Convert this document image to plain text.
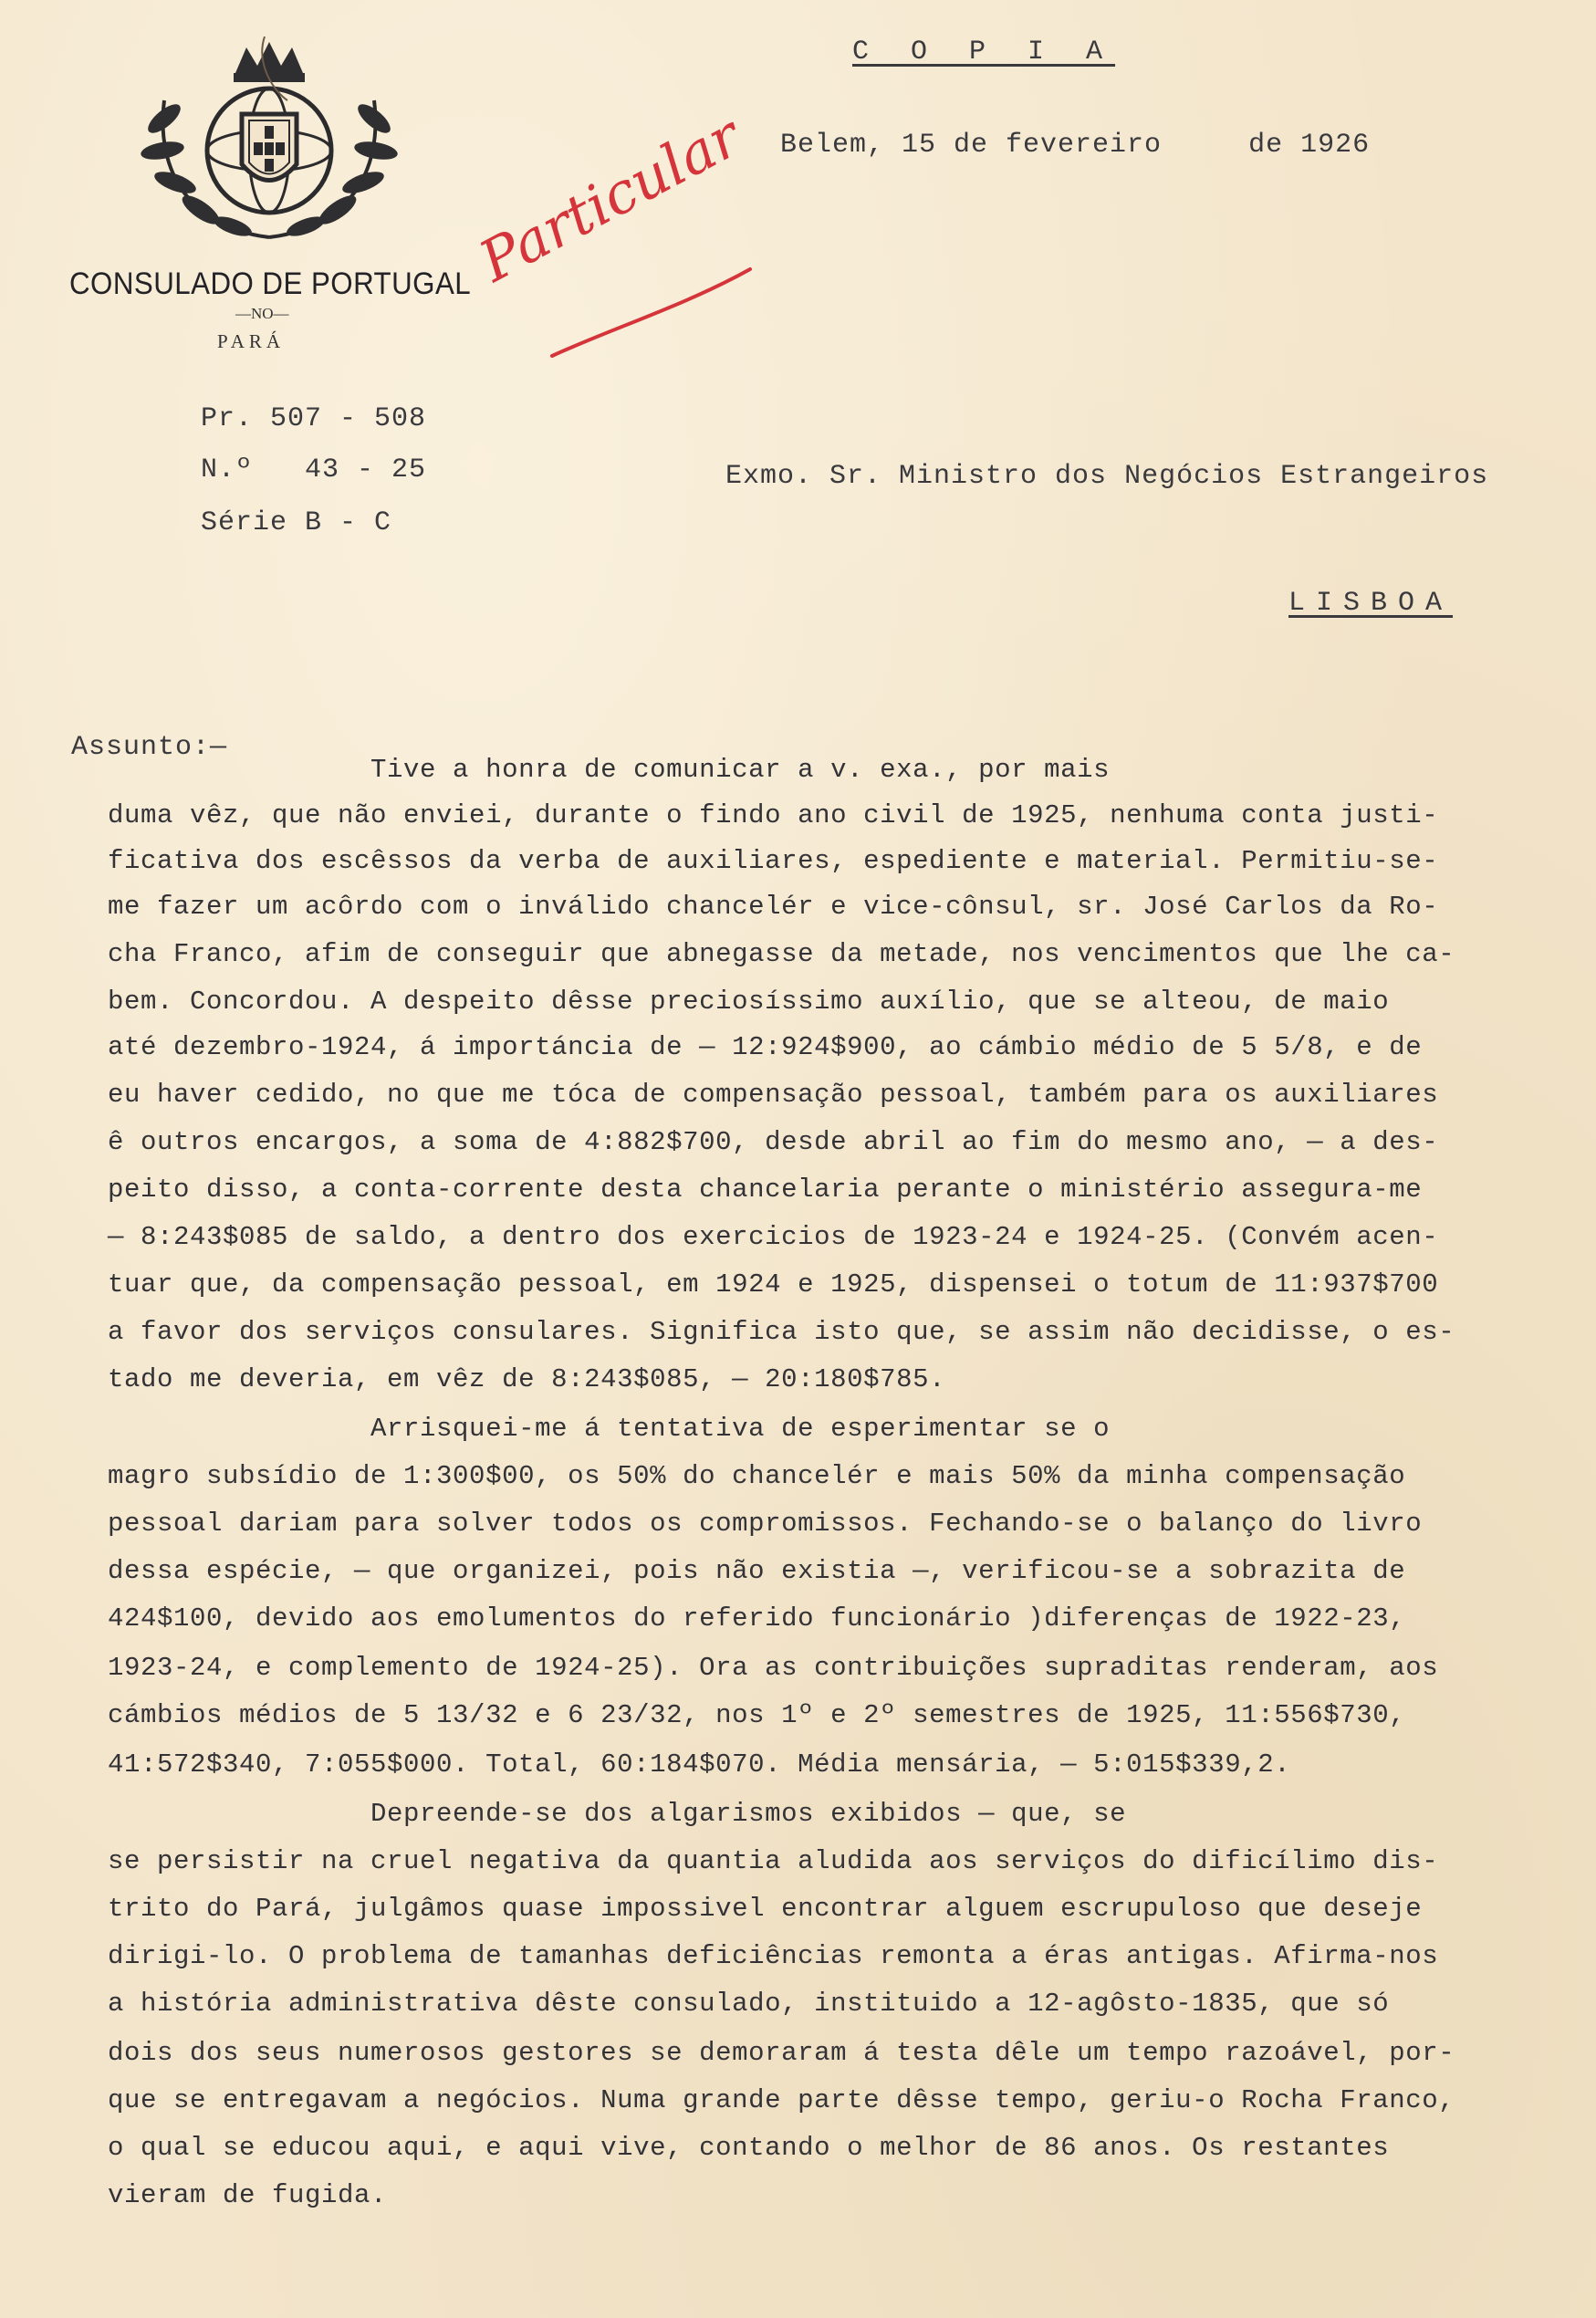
CONSULADO DE PORTUGAL
—NO—
PARÁ
Particular
C O P I A
Belem, 15 de fevereiro     de 1926
Pr. 507 - 508
N.º   43 - 25
Série B - C
Exmo. Sr. Ministro dos Negócios Estrangeiros
LISBOA
Assunto:—
Tive a honra de comunicar a v. exa., por mais
duma vêz, que não enviei, durante o findo ano civil de 1925, nenhuma conta justi-
ficativa dos escêssos da verba de auxiliares, espediente e material. Permitiu-se-
me fazer um acôrdo com o inválido chancelér e vice-cônsul, sr. José Carlos da Ro-
cha Franco, afim de conseguir que abnegasse da metade, nos vencimentos que lhe ca-
bem. Concordou. A despeito dêsse preciosíssimo auxílio, que se alteou, de maio
até dezembro-1924, á importáncia de — 12:924$900, ao cámbio médio de 5 5/8, e de
eu haver cedido, no que me tóca de compensação pessoal, também para os auxiliares
ê outros encargos, a soma de 4:882$700, desde abril ao fim do mesmo ano, — a des-
peito disso, a conta-corrente desta chancelaria perante o ministério assegura-me
— 8:243$085 de saldo, a dentro dos exercicios de 1923-24 e 1924-25. (Convém acen-
tuar que, da compensação pessoal, em 1924 e 1925, dispensei o totum de 11:937$700
a favor dos serviços consulares. Significa isto que, se assim não decidisse, o es-
tado me deveria, em vêz de 8:243$085, — 20:180$785.
Arrisquei-me á tentativa de esperimentar se o
magro subsídio de 1:300$00, os 50% do chancelér e mais 50% da minha compensação
pessoal dariam para solver todos os compromissos. Fechando-se o balanço do livro
dessa espécie, — que organizei, pois não existia —, verificou-se a sobrazita de
424$100, devido aos emolumentos do referido funcionário )diferenças de 1922-23,
1923-24, e complemento de 1924-25). Ora as contribuições supraditas renderam, aos
cámbios médios de 5 13/32 e 6 23/32, nos 1º e 2º semestres de 1925, 11:556$730,
41:572$340, 7:055$000. Total, 60:184$070. Média mensária, — 5:015$339,2.
Depreende-se dos algarismos exibidos — que, se
se persistir na cruel negativa da quantia aludida aos serviços do dificílimo dis-
trito do Pará, julgâmos quase impossivel encontrar alguem escrupuloso que deseje
dirigi-lo. O problema de tamanhas deficiências remonta a éras antigas. Afirma-nos
a história administrativa dêste consulado, instituido a 12-agôsto-1835, que só
dois dos seus numerosos gestores se demoraram á testa dêle um tempo razoável, por-
que se entregavam a negócios. Numa grande parte dêsse tempo, geriu-o Rocha Franco,
o qual se educou aqui, e aqui vive, contando o melhor de 86 anos. Os restantes
vieram de fugida.
